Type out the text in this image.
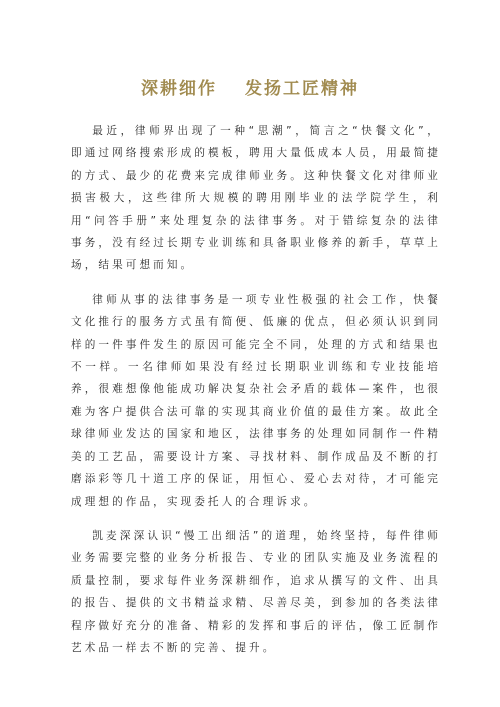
深耕细作 发扬工匠精神

最近，律师界出现了一种“思潮”，简言之“快餐文化”，即通过网络搜索形成的模板，聘用大量低成本人员，用最简捷的方式、最少的花费来完成律师业务。这种快餐文化对律师业损害极大，这些律所大规模的聘用刚毕业的法学院学生，利用“问答手册”来处理复杂的法律事务。对于错综复杂的法律事务，没有经过长期专业训练和具备职业修养的新手，草草上场，结果可想而知。

律师从事的法律事务是一项专业性极强的社会工作，快餐文化推行的服务方式虽有简便、低廉的优点，但必须认识到同样的一件事件发生的原因可能完全不同，处理的方式和结果也不一样。一名律师如果没有经过长期职业训练和专业技能培养，很难想像他能成功解决复杂社会矛盾的载体—案件，也很难为客户提供合法可靠的实现其商业价值的最佳方案。故此全球律师业发达的国家和地区，法律事务的处理如同制作一件精美的工艺品，需要设计方案、寻找材料、制作成品及不断的打磨添彩等几十道工序的保证，用恒心、爱心去对待，才可能完成理想的作品，实现委托人的合理诉求。

凯麦深深认识“慢工出细活”的道理，始终坚持，每件律师业务需要完整的业务分析报告、专业的团队实施及业务流程的质量控制，要求每件业务深耕细作，追求从撰写的文件、出具的报告、提供的文书精益求精、尽善尽美，到参加的各类法律程序做好充分的准备、精彩的发挥和事后的评估，像工匠制作艺术品一样去不断的完善、提升。
